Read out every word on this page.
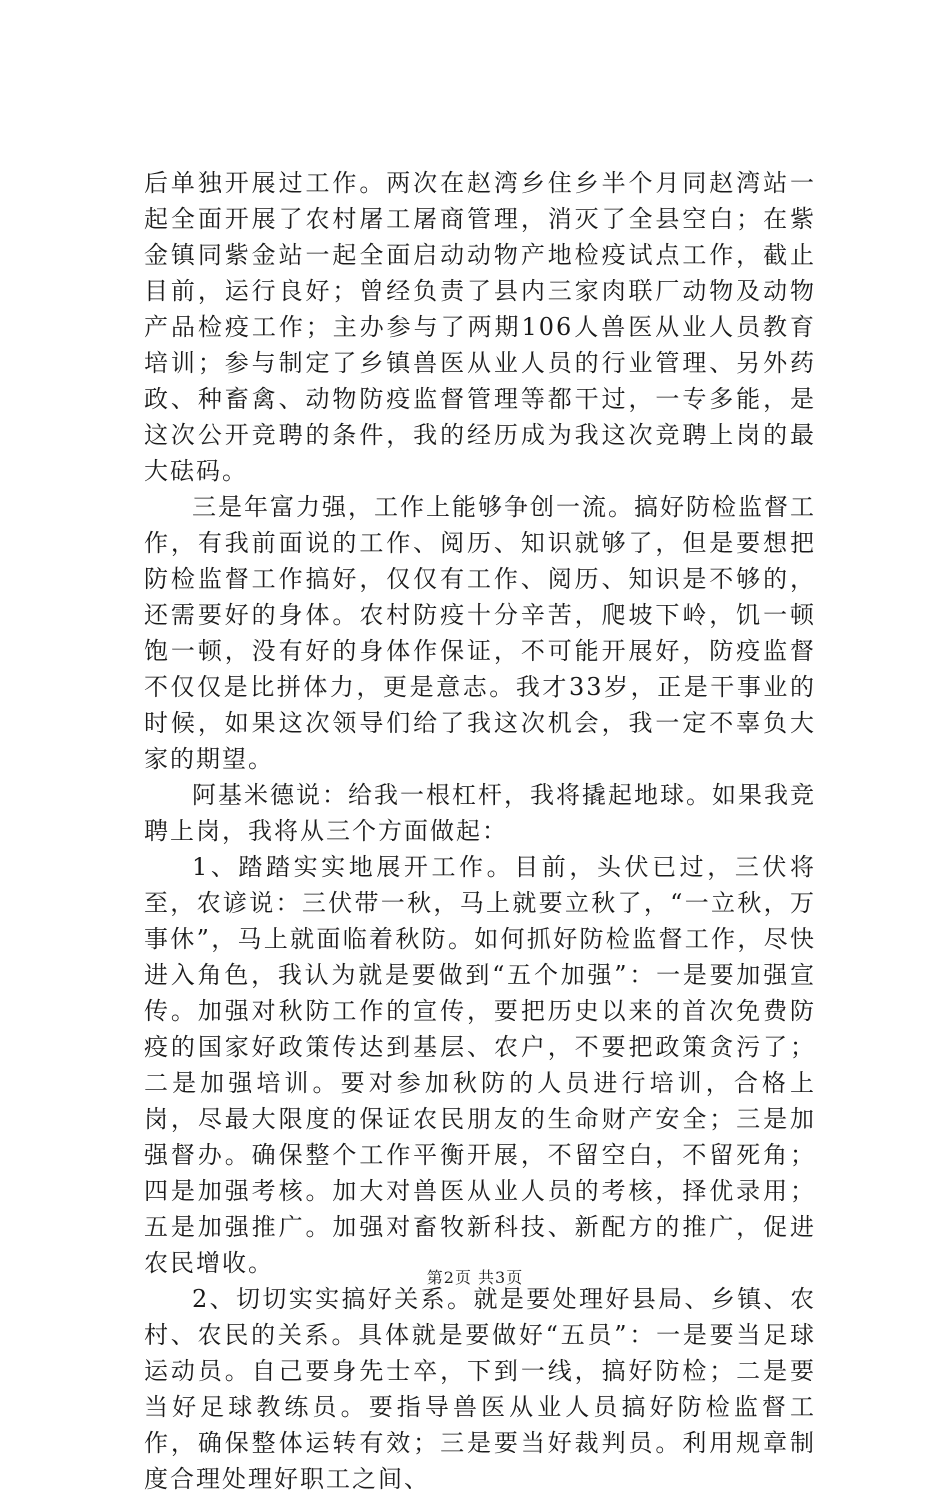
后单独开展过工作。两次在赵湾乡住乡半个月同赵湾站一起全面开展了农村屠工屠商管理，消灭了全县空白；在紫金镇同紫金站一起全面启动动物产地检疫试点工作，截止目前，运行良好；曾经负责了县内三家肉联厂动物及动物产品检疫工作；主办参与了两期106人兽医从业人员教育培训；参与制定了乡镇兽医从业人员的行业管理、另外药政、种畜禽、动物防疫监督管理等都干过，一专多能，是这次公开竞聘的条件，我的经历成为我这次竞聘上岗的最大砝码。

三是年富力强，工作上能够争创一流。搞好防检监督工作，有我前面说的工作、阅历、知识就够了，但是要想把防检监督工作搞好，仅仅有工作、阅历、知识是不够的，还需要好的身体。农村防疫十分辛苦，爬坡下岭，饥一顿饱一顿，没有好的身体作保证，不可能开展好，防疫监督不仅仅是比拼体力，更是意志。我才33岁，正是干事业的时候，如果这次领导们给了我这次机会，我一定不辜负大家的期望。

阿基米德说：给我一根杠杆，我将撬起地球。如果我竞聘上岗，我将从三个方面做起：

1、踏踏实实地展开工作。目前，头伏已过，三伏将至，农谚说：三伏带一秋，马上就要立秋了，“一立秋，万事休”，马上就面临着秋防。如何抓好防检监督工作，尽快进入角色，我认为就是要做到“五个加强”：一是要加强宣传。加强对秋防工作的宣传，要把历史以来的首次免费防疫的国家好政策传达到基层、农户，不要把政策贪污了；二是加强培训。要对参加秋防的人员进行培训，合格上岗，尽最大限度的保证农民朋友的生命财产安全；三是加强督办。确保整个工作平衡开展，不留空白，不留死角；四是加强考核。加大对兽医从业人员的考核，择优录用；五是加强推广。加强对畜牧新科技、新配方的推广，促进农民增收。

2、切切实实搞好关系。就是要处理好县局、乡镇、农村、农民的关系。具体就是要做好“五员”：一是要当足球运动员。自己要身先士卒，下到一线，搞好防检；二是要当好足球教练员。要指导兽医从业人员搞好防检监督工作，确保整体运转有效；三是要当好裁判员。利用规章制度合理处理好职工之间、

第2页 共3页
